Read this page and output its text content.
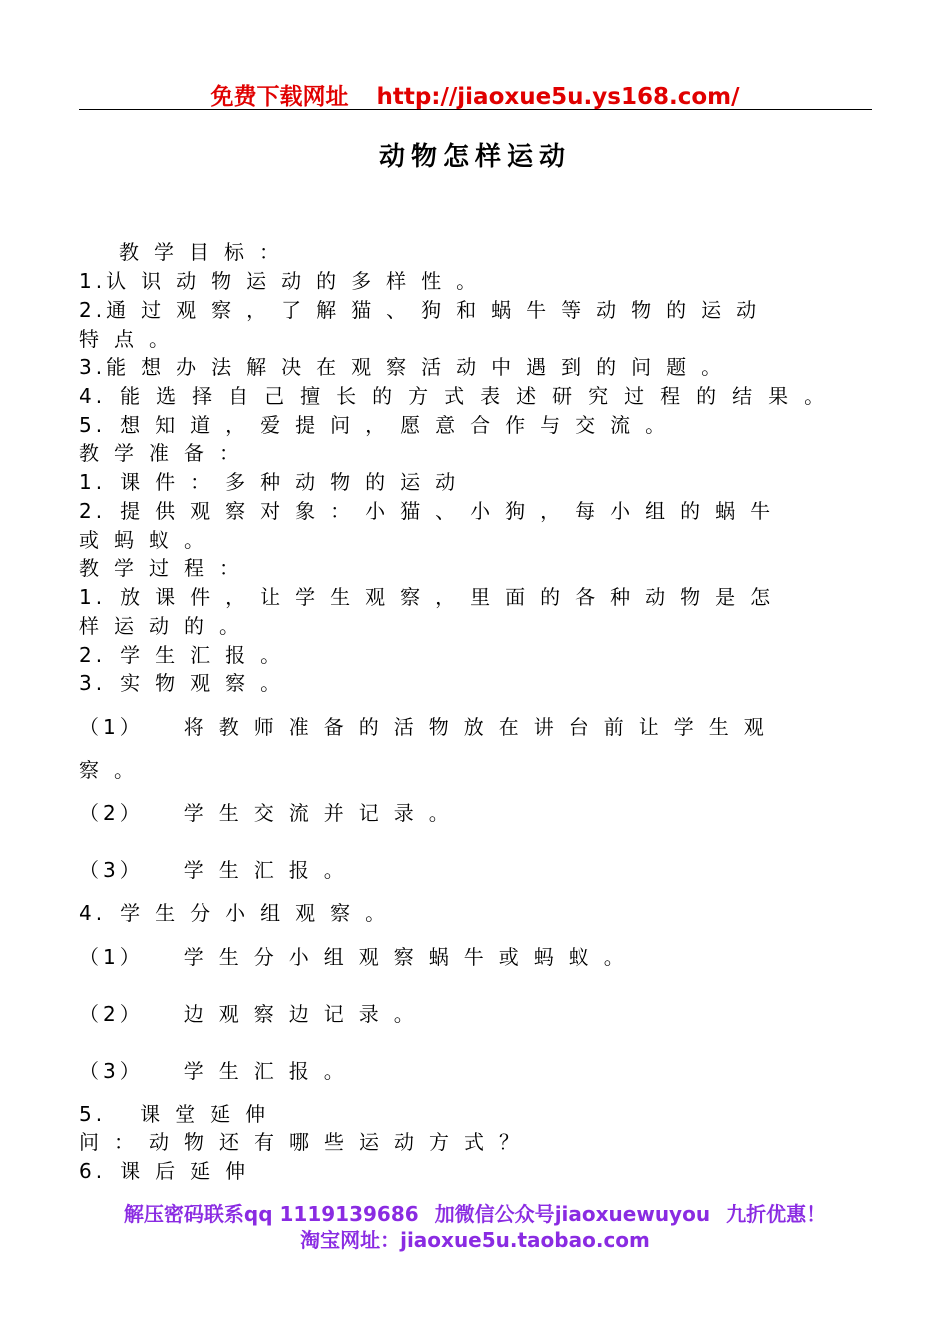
免费下载网址 http://jiaoxue5u.ys168.com/
动物怎样运动
教学目标：
1.认识动物运动的多样性。
2.通过观察，了解猫、狗和蜗牛等动物的运动
特点。
3.能想办法解决在观察活动中遇到的问题。
4. 能选择自己擅长的方式表述研究过程的结果。
5. 想知道，爱提问，愿意合作与交流。
教学准备：
1. 课件：多种动物的运动
2. 提供观察对象：小猫、小狗，每小组的蜗牛
或蚂蚁。
教学过程：
1. 放课件，让学生观察，里面的各种动物是怎
样运动的。
2. 学生汇报。
3. 实物观察。
（1） 将教师准备的活物放在讲台前让学生观
察。
（2） 学生交流并记录。
（3） 学生汇报。
4. 学生分小组观察。
（1） 学生分小组观察蜗牛或蚂蚁。
（2） 边观察边记录。
（3） 学生汇报。
5. 课堂延伸
问：动物还有哪些运动方式？
6. 课后延伸
解压密码联系qq 1119139686 加微信公众号jiaoxuewuyou 九折优惠！
淘宝网址：jiaoxue5u.taobao.com
